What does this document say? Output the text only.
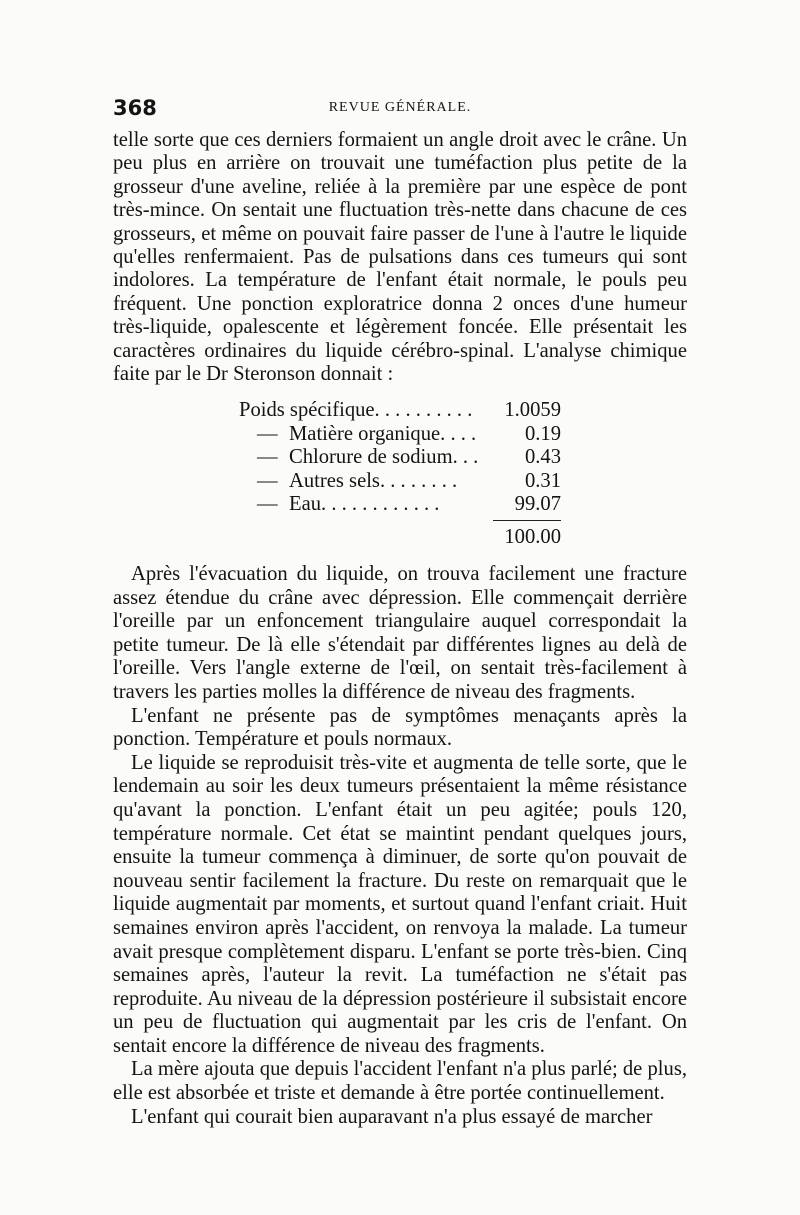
368	REVUE GÉNÉRALE.

telle sorte que ces derniers formaient un angle droit avec le crâne. Un peu plus en arrière on trouvait une tuméfaction plus petite de la grosseur d'une aveline, reliée à la première par une espèce de pont très-mince. On sentait une fluctuation très-nette dans chacune de ces grosseurs, et même on pouvait faire passer de l'une à l'autre le liquide qu'elles renfermaient. Pas de pulsations dans ces tumeurs qui sont indolores. La température de l'enfant était normale, le pouls peu fréquent. Une ponction exploratrice donna 2 onces d'une humeur très-liquide, opalescente et légèrement foncée. Elle présentait les caractères ordinaires du liquide cérébro-spinal. L'analyse chimique faite par le Dr Steronson donnait :

Poids spécifique. . . . . . . . . . 1.0059
— Matière organique. . . . 0.19
— Chlorure de sodium. . . 0.43
— Autres sels. . . . . . . .	0.31
— Eau. . . . . . . . . . . .	99.07
100.00

Après l'évacuation du liquide, on trouva facilement une fracture assez étendue du crâne avec dépression. Elle commençait derrière l'oreille par un enfoncement triangulaire auquel correspondait la petite tumeur. De là elle s'étendait par différentes lignes au delà de l'oreille. Vers l'angle externe de l'œil, on sentait très-facilement à travers les parties molles la différence de niveau des fragments.

L'enfant ne présente pas de symptômes menaçants après la ponction. Température et pouls normaux.

Le liquide se reproduisit très-vite et augmenta de telle sorte, que le lendemain au soir les deux tumeurs présentaient la même résistance qu'avant la ponction. L'enfant était un peu agitée; pouls 120, température normale. Cet état se maintint pendant quelques jours, ensuite la tumeur commença à diminuer, de sorte qu'on pouvait de nouveau sentir facilement la fracture. Du reste on remarquait que le liquide augmentait par moments, et surtout quand l'enfant criait. Huit semaines environ après l'accident, on renvoya la malade. La tumeur avait presque complètement disparu. L'enfant se porte très-bien. Cinq semaines après, l'auteur la revit. La tuméfaction ne s'était pas reproduite. Au niveau de la dépression postérieure il subsistait encore un peu de fluctuation qui augmentait par les cris de l'enfant. On sentait encore la différence de niveau des fragments.

La mère ajouta que depuis l'accident l'enfant n'a plus parlé; de plus, elle est absorbée et triste et demande à être portée continuellement.

L'enfant qui courait bien auparavant n'a plus essayé de marcher
